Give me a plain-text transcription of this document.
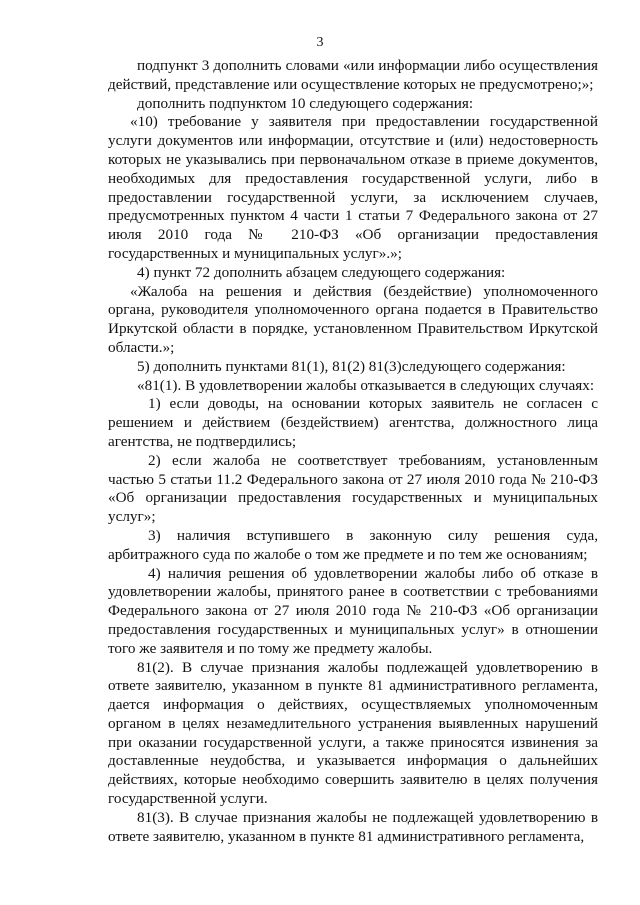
3

подпункт 3 дополнить словами «или информации либо осуществления действий, представление или осуществление которых не предусмотрено;»;

дополнить подпунктом 10 следующего содержания:

«10) требование у заявителя при предоставлении государственной услуги документов или информации, отсутствие и (или) недостоверность которых не указывались при первоначальном отказе в приеме документов, необходимых для предоставления государственной услуги, либо в предоставлении государственной услуги, за исключением случаев, предусмотренных пунктом 4 части 1 статьи 7 Федерального закона от 27 июля 2010 года № 210-ФЗ «Об организации предоставления государственных и муниципальных услуг».»;

4) пункт 72 дополнить абзацем следующего содержания:

«Жалоба на решения и действия (бездействие) уполномоченного органа, руководителя уполномоченного органа подается в Правительство Иркутской области в порядке, установленном Правительством Иркутской области.»;

5) дополнить пунктами 81(1), 81(2) 81(3)следующего содержания:

«81(1). В удовлетворении жалобы отказывается в следующих случаях:

1) если доводы, на основании которых заявитель не согласен с решением и действием (бездействием) агентства, должностного лица агентства, не подтвердились;

2) если жалоба не соответствует требованиям, установленным частью 5 статьи 11.2 Федерального закона от 27 июля 2010 года № 210-ФЗ «Об организации предоставления государственных и муниципальных услуг»;

3) наличия вступившего в законную силу решения суда, арбитражного суда по жалобе о том же предмете и по тем же основаниям;

4) наличия решения об удовлетворении жалобы либо об отказе в удовлетворении жалобы, принятого ранее в соответствии с требованиями Федерального закона от 27 июля 2010 года № 210-ФЗ «Об организации предоставления государственных и муниципальных услуг» в отношении того же заявителя и по тому же предмету жалобы.

81(2). В случае признания жалобы подлежащей удовлетворению в ответе заявителю, указанном в пункте 81 административного регламента, дается информация о действиях, осуществляемых уполномоченным органом в целях незамедлительного устранения выявленных нарушений при оказании государственной услуги, а также приносятся извинения за доставленные неудобства, и указывается информация о дальнейших действиях, которые необходимо совершить заявителю в целях получения государственной услуги.

81(3). В случае признания жалобы не подлежащей удовлетворению в ответе заявителю, указанном в пункте 81 административного регламента,
